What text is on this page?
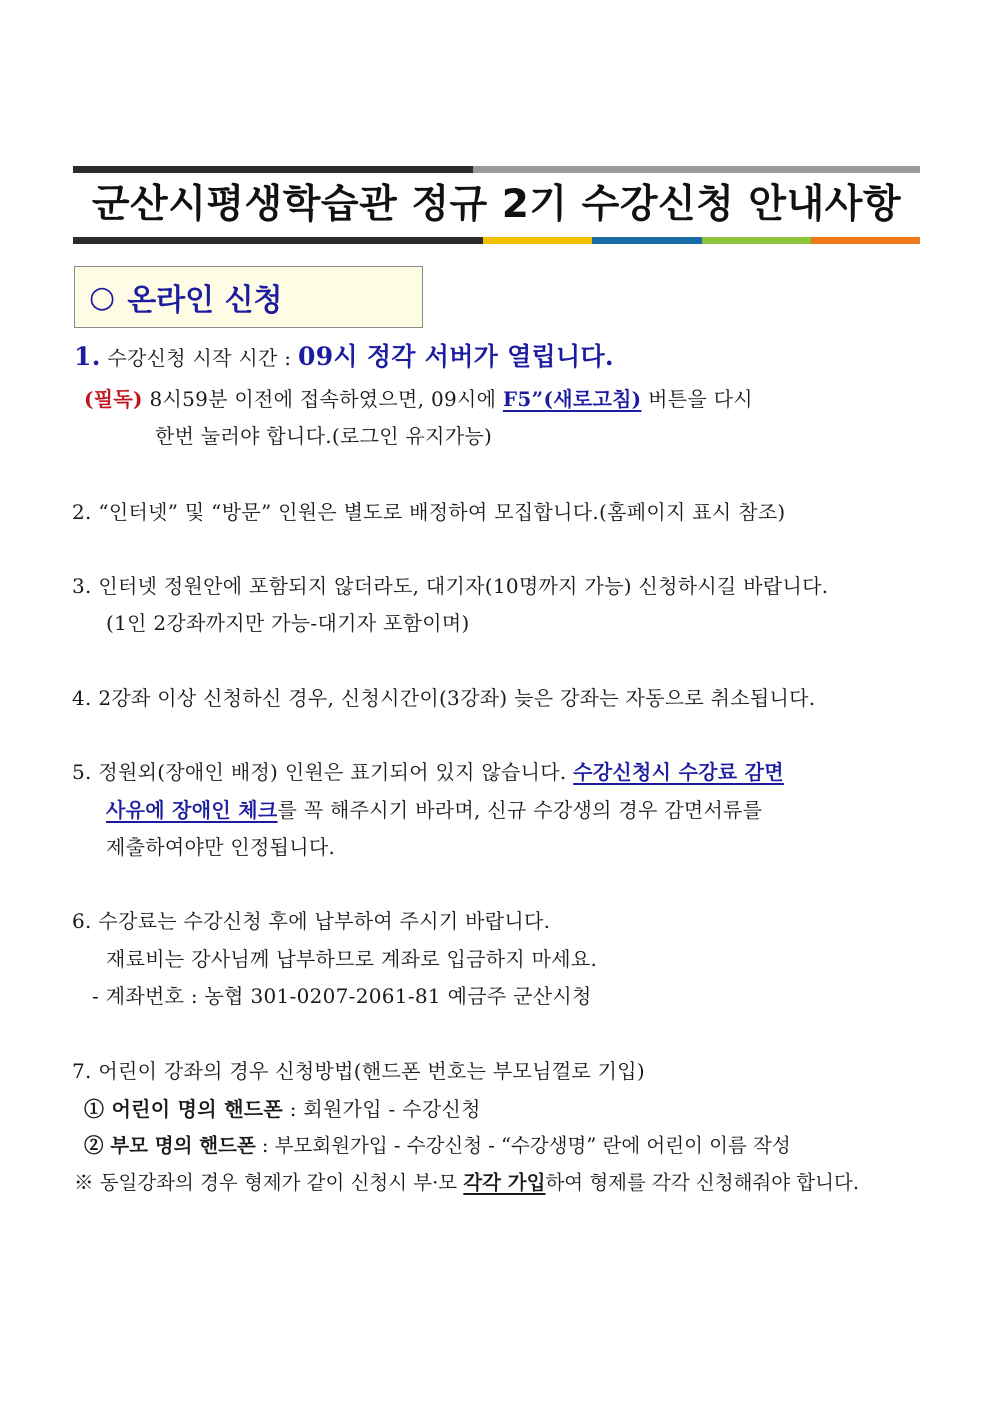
군산시평생학습관 정규 2기 수강신청 안내사항
○ 온라인 신청
1. 수강신청 시작 시간 : 09시 정각 서버가 열립니다.
(필독) 8시59분 이전에 접속하였으면, 09시에 F5”(새로고침) 버튼을 다시
한번 눌러야 합니다.(로그인 유지가능)
2. “인터넷” 및 “방문” 인원은 별도로 배정하여 모집합니다.(홈페이지 표시 참조)
3. 인터넷 정원안에 포함되지 않더라도, 대기자(10명까지 가능) 신청하시길 바랍니다.
(1인 2강좌까지만 가능-대기자 포함이며)
4. 2강좌 이상 신청하신 경우, 신청시간이(3강좌) 늦은 강좌는 자동으로 취소됩니다.
5. 정원외(장애인 배정) 인원은 표기되어 있지 않습니다. 수강신청시 수강료 감면
사유에 장애인 체크를 꼭 해주시기 바라며, 신규 수강생의 경우 감면서류를
제출하여야만 인정됩니다.
6. 수강료는 수강신청 후에 납부하여 주시기 바랍니다.
재료비는 강사님께 납부하므로 계좌로 입금하지 마세요.
- 계좌번호 : 농협 301-0207-2061-81 예금주 군산시청
7. 어린이 강좌의 경우 신청방법(핸드폰 번호는 부모님껄로 기입)
① 어린이 명의 핸드폰 : 회원가입 - 수강신청
② 부모 명의 핸드폰 : 부모회원가입 - 수강신청 - “수강생명” 란에 어린이 이름 작성
※ 동일강좌의 경우 형제가 같이 신청시 부·모 각각 가입하여 형제를 각각 신청해줘야 합니다.
